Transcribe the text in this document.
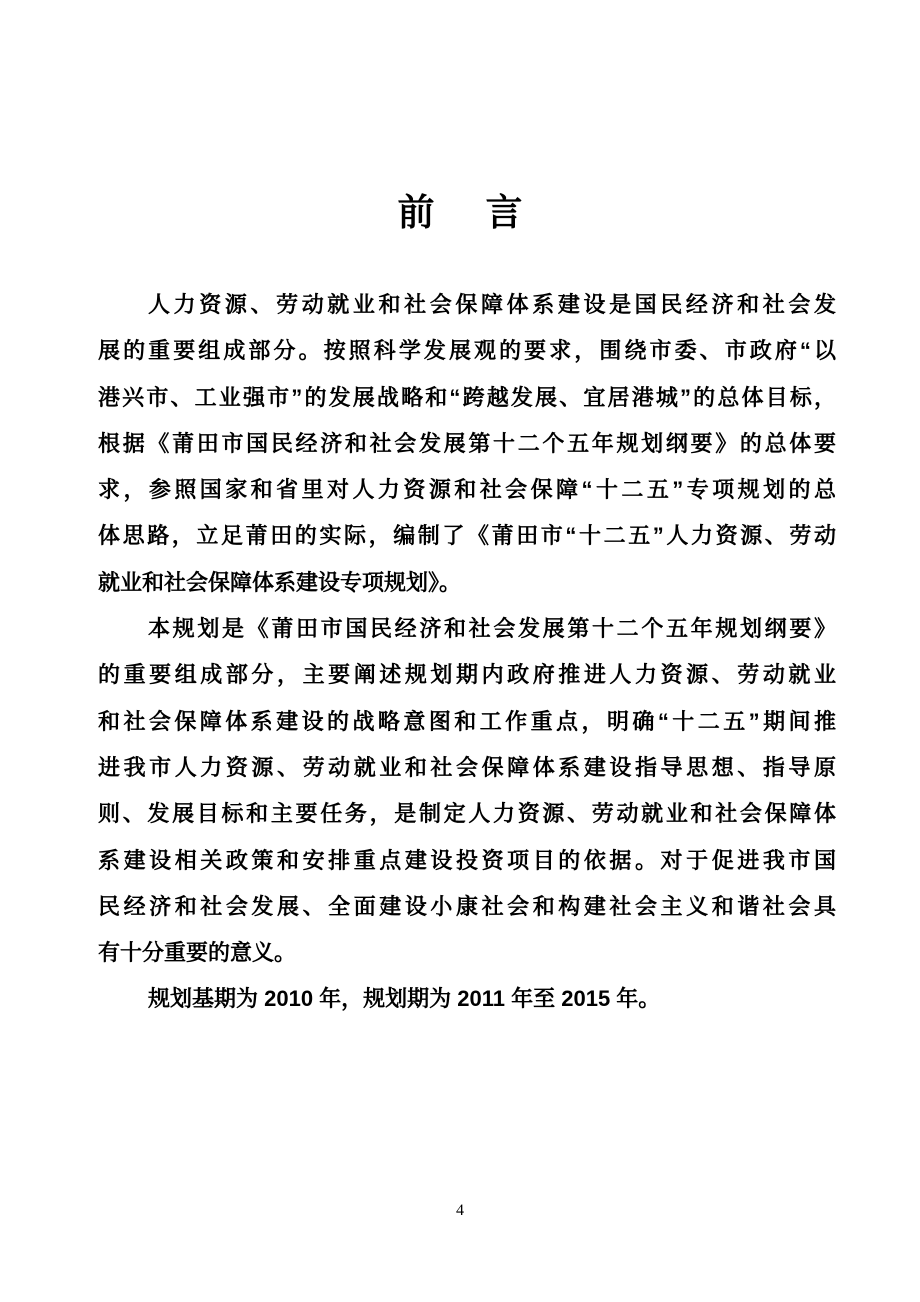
前　言
人力资源、劳动就业和社会保障体系建设是国民经济和社会发
展的重要组成部分。按照科学发展观的要求，围绕市委、市政府“以
港兴市、工业强市”的发展战略和“跨越发展、宜居港城”的总体目标，
根据《莆田市国民经济和社会发展第十二个五年规划纲要》的总体要
求，参照国家和省里对人力资源和社会保障“十二五”专项规划的总
体思路，立足莆田的实际，编制了《莆田市“十二五”人力资源、劳动
就业和社会保障体系建设专项规划》。
本规划是《莆田市国民经济和社会发展第十二个五年规划纲要》
的重要组成部分，主要阐述规划期内政府推进人力资源、劳动就业
和社会保障体系建设的战略意图和工作重点，明确“十二五”期间推
进我市人力资源、劳动就业和社会保障体系建设指导思想、指导原
则、发展目标和主要任务，是制定人力资源、劳动就业和社会保障体
系建设相关政策和安排重点建设投资项目的依据。对于促进我市国
民经济和社会发展、全面建设小康社会和构建社会主义和谐社会具
有十分重要的意义。
规划基期为 2010 年，规划期为 2011 年至 2015 年。
4
